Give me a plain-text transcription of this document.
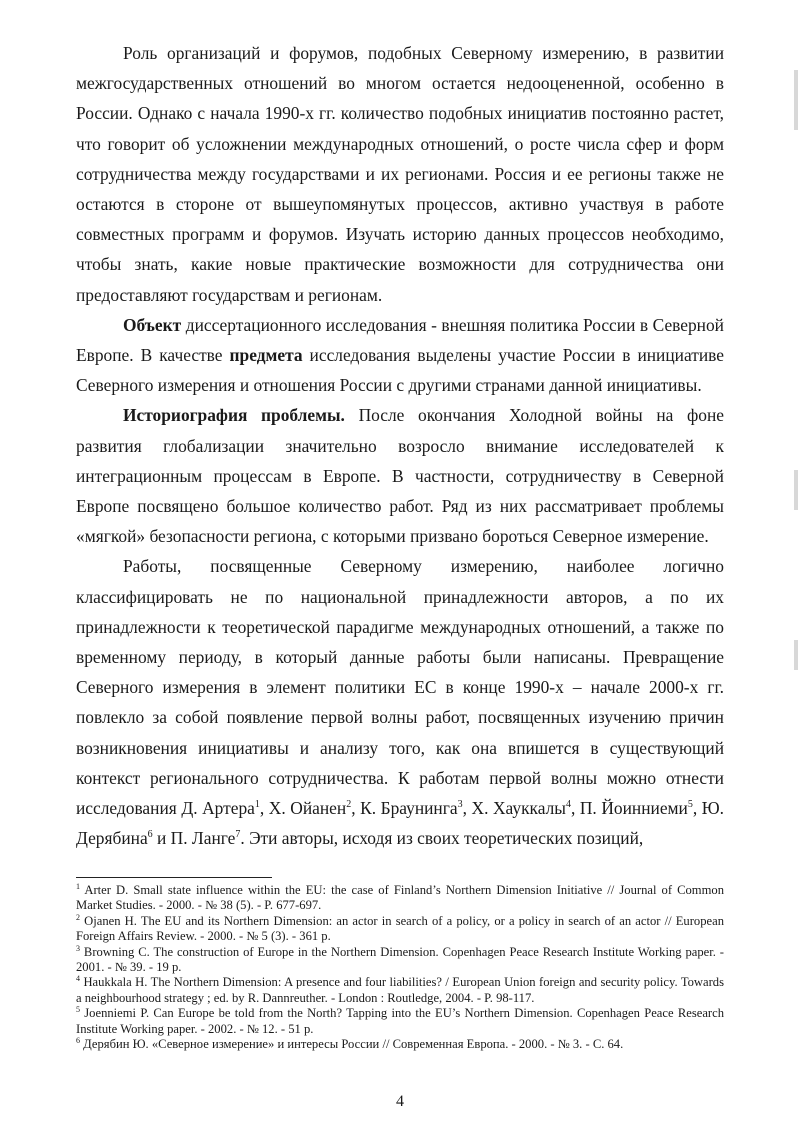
Роль организаций и форумов, подобных Северному измерению, в развитии межгосударственных отношений во многом остается недооцененной, особенно в России. Однако с начала 1990-х гг. количество подобных инициатив постоянно растет, что говорит об усложнении международных отношений, о росте числа сфер и форм сотрудничества между государствами и их регионами. Россия и ее регионы также не остаются в стороне от вышеупомянутых процессов, активно участвуя в работе совместных программ и форумов. Изучать историю данных процессов необходимо, чтобы знать, какие новые практические возможности для сотрудничества они предоставляют государствам и регионам.

Объект диссертационного исследования - внешняя политика России в Северной Европе. В качестве предмета исследования выделены участие России в инициативе Северного измерения и отношения России с другими странами данной инициативы.

Историография проблемы. После окончания Холодной войны на фоне развития глобализации значительно возросло внимание исследователей к интеграционным процессам в Европе. В частности, сотрудничеству в Северной Европе посвящено большое количество работ. Ряд из них рассматривает проблемы «мягкой» безопасности региона, с которыми призвано бороться Северное измерение.

Работы, посвященные Северному измерению, наиболее логично классифицировать не по национальной принадлежности авторов, а по их принадлежности к теоретической парадигме международных отношений, а также по временному периоду, в который данные работы были написаны. Превращение Северного измерения в элемент политики ЕС в конце 1990-х – начале 2000-х гг. повлекло за собой появление первой волны работ, посвященных изучению причин возникновения инициативы и анализу того, как она впишется в существующий контекст регионального сотрудничества. К работам первой волны можно отнести исследования Д. Артера$^1$, Х. Ойанен$^2$, К. Браунинга$^3$, Х. Хауккалы$^4$, П. Йоинниеми$^5$, Ю. Дерябина$^6$ и П. Ланге$^7$. Эти авторы, исходя из своих теоретических позиций,

$^1$ Arter D. Small state influence within the EU: the case of Finland’s Northern Dimension Initiative // Journal of Common Market Studies. - 2000. - № 38 (5). - P. 677-697.

$^2$ Ojanen H. The EU and its Northern Dimension: an actor in search of a policy, or a policy in search of an actor // European Foreign Affairs Review. - 2000. - № 5 (3). - 361 p.

$^3$ Browning C. The construction of Europe in the Northern Dimension. Copenhagen Peace Research Institute Working paper. - 2001. - № 39. - 19 p.

$^4$ Haukkala H. The Northern Dimension: A presence and four liabilities? / European Union foreign and security policy. Towards a neighbourhood strategy ; ed. by R. Dannreuther. - London : Routledge, 2004. - P. 98-117.

$^5$ Joenniemi P. Can Europe be told from the North? Tapping into the EU’s Northern Dimension. Copenhagen Peace Research Institute Working paper. - 2002. - № 12. - 51 p.

$^6$ Дерябин Ю. «Северное измерение» и интересы России // Современная Европа. - 2000. - № 3. - С. 64.

4
